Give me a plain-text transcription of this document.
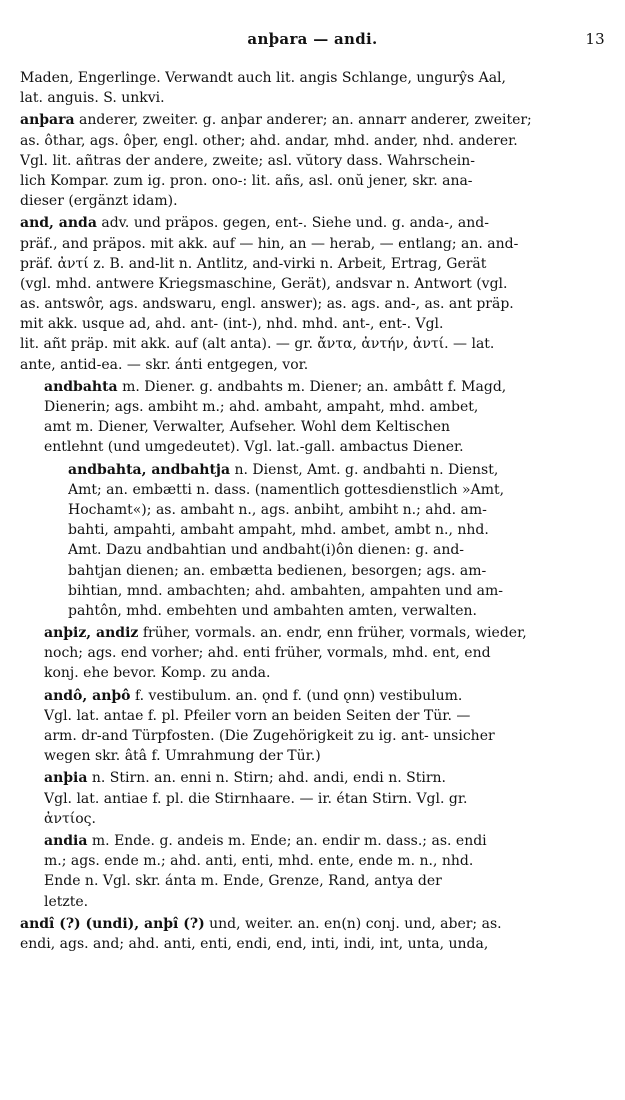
anþara — andi.	13
Maden, Engerlinge. Verwandt auch lit. angis Schlange, ungurŷs Aal,
lat. anguis. S. unkvi.
anþara anderer, zweiter. g. anþar anderer; an. annarr anderer, zweiter;
as. ôthar, ags. ôþer, engl. other; ahd. andar, mhd. ander, nhd. anderer.
Vgl. lit. añtras der andere, zweite; asl. vŭtory dass. Wahrschein-
lich Kompar. zum ig. pron. ono-: lit. añs, asl. onŭ jener, skr. ana-
dieser (ergänzt idam).
and, anda adv. und präpos. gegen, ent-. Siehe und. g. anda-, and-
präf., and präpos. mit akk. auf — hin, an — herab, — entlang; an. and-
präf. ἀντί z. B. and-lit n. Antlitz, and-virki n. Arbeit, Ertrag, Gerät
(vgl. mhd. antwere Kriegsmaschine, Gerät), andsvar n. Antwort (vgl.
as. antswôr, ags. andswaru, engl. answer); as. ags. and-, as. ant präp.
mit akk. usque ad, ahd. ant- (int-), nhd. mhd. ant-, ent-. Vgl.
lit. añt präp. mit akk. auf (alt anta). — gr. ἄντα, ἀντήν, ἀντί. — lat.
ante, antid-ea. — skr. ánti entgegen, vor.
andbahta m. Diener. g. andbahts m. Diener; an. ambâtt f. Magd,
Dienerin; ags. ambiht m.; ahd. ambaht, ampaht, mhd. ambet,
amt m. Diener, Verwalter, Aufseher. Wohl dem Keltischen
entlehnt (und umgedeutet). Vgl. lat.-gall. ambactus Diener.
andbahta, andbahtja n. Dienst, Amt. g. andbahti n. Dienst,
Amt; an. embætti n. dass. (namentlich gottesdienstlich »Amt,
Hochamt«); as. ambaht n., ags. anbiht, ambiht n.; ahd. am-
bahti, ampahti, ambaht ampaht, mhd. ambet, ambt n., nhd.
Amt. Dazu andbahtian und andbaht(i)ôn dienen: g. and-
bahtjan dienen; an. embætta bedienen, besorgen; ags. am-
bihtian, mnd. ambachten; ahd. ambahten, ampahten und am-
pahtôn, mhd. embehten und ambahten amten, verwalten.
anþiz, andiz früher, vormals. an. endr, enn früher, vormals, wieder,
noch; ags. end vorher; ahd. enti früher, vormals, mhd. ent, end
konj. ehe bevor. Komp. zu anda.
andô, anþô f. vestibulum. an. ǫnd f. (und ǫnn) vestibulum.
Vgl. lat. antae f. pl. Pfeiler vorn an beiden Seiten der Tür. —
arm. dr-and Türpfosten. (Die Zugehörigkeit zu ig. ant- unsicher
wegen skr. âtâ f. Umrahmung der Tür.)
anþia n. Stirn. an. enni n. Stirn; ahd. andi, endi n. Stirn.
Vgl. lat. antiae f. pl. die Stirnhaare. — ir. étan Stirn. Vgl. gr.
ἀντίος.
andia m. Ende. g. andeis m. Ende; an. endir m. dass.; as. endi
m.; ags. ende m.; ahd. anti, enti, mhd. ente, ende m. n., nhd.
Ende n. Vgl. skr. ánta m. Ende, Grenze, Rand, antya der
letzte.
andî (?) (undi), anþî (?) und, weiter. an. en(n) conj. und, aber; as.
endi, ags. and; ahd. anti, enti, endi, end, inti, indi, int, unta, unda,
